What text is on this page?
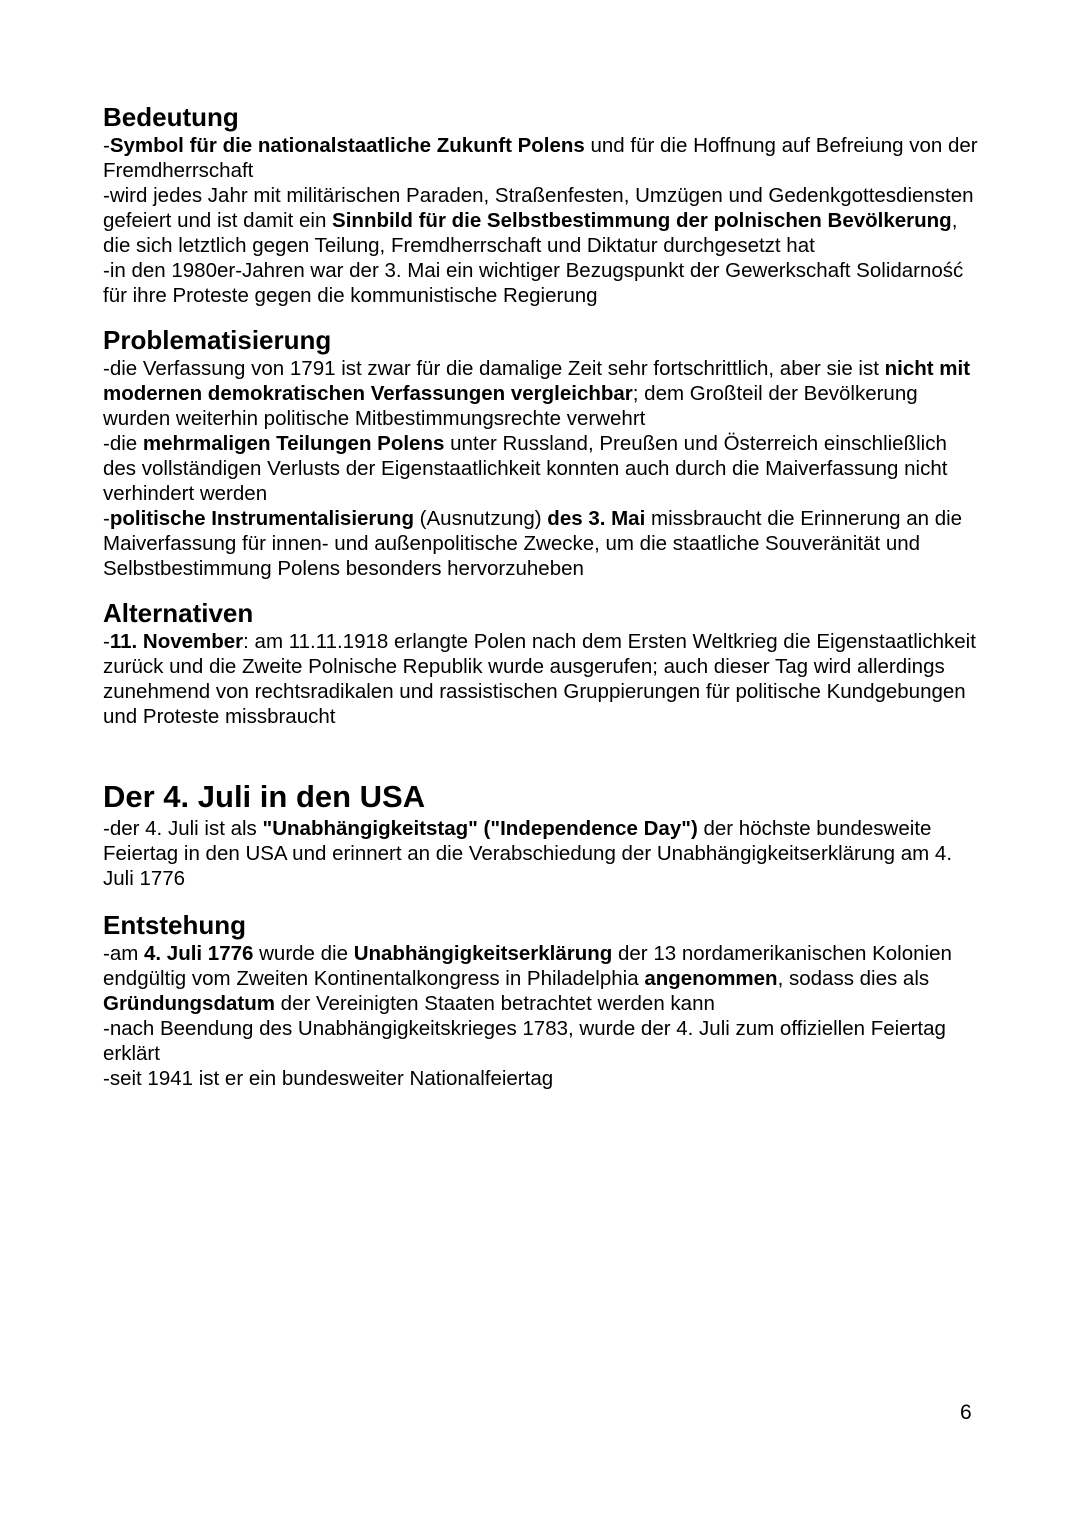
Bedeutung

-Symbol für die nationalstaatliche Zukunft Polens und für die Hoffnung auf Befreiung von der Fremdherrschaft

-wird jedes Jahr mit militärischen Paraden, Straßenfesten, Umzügen und Gedenkgottesdiensten gefeiert und ist damit ein Sinnbild für die Selbstbestimmung der polnischen Bevölkerung, die sich letztlich gegen Teilung, Fremdherrschaft und Diktatur durchgesetzt hat

-in den 1980er-Jahren war der 3. Mai ein wichtiger Bezugspunkt der Gewerkschaft Solidarność für ihre Proteste gegen die kommunistische Regierung

Problematisierung

-die Verfassung von 1791 ist zwar für die damalige Zeit sehr fortschrittlich, aber sie ist nicht mit modernen demokratischen Verfassungen vergleichbar; dem Großteil der Bevölkerung wurden weiterhin politische Mitbestimmungsrechte verwehrt

-die mehrmaligen Teilungen Polens unter Russland, Preußen und Österreich einschließlich des vollständigen Verlusts der Eigenstaatlichkeit konnten auch durch die Maiverfassung nicht verhindert werden

-politische Instrumentalisierung (Ausnutzung) des 3. Mai missbraucht die Erinnerung an die Maiverfassung für innen- und außenpolitische Zwecke, um die staatliche Souveränität und Selbstbestimmung Polens besonders hervorzuheben

Alternativen

-11. November: am 11.11.1918 erlangte Polen nach dem Ersten Weltkrieg die Eigenstaatlichkeit zurück und die Zweite Polnische Republik wurde ausgerufen; auch dieser Tag wird allerdings zunehmend von rechtsradikalen und rassistischen Gruppierungen für politische Kundgebungen und Proteste missbraucht

Der 4. Juli in den USA

-der 4. Juli ist als "Unabhängigkeitstag" ("Independence Day") der höchste bundesweite Feiertag in den USA und erinnert an die Verabschiedung der Unabhängigkeitserklärung am 4. Juli 1776

Entstehung

-am 4. Juli 1776 wurde die Unabhängigkeitserklärung der 13 nordamerikanischen Kolonien endgültig vom Zweiten Kontinentalkongress in Philadelphia angenommen, sodass dies als Gründungsdatum der Vereinigten Staaten betrachtet werden kann

-nach Beendung des Unabhängigkeitskrieges 1783, wurde der 4. Juli zum offiziellen Feiertag erklärt

-seit 1941 ist er ein bundesweiter Nationalfeiertag

6
